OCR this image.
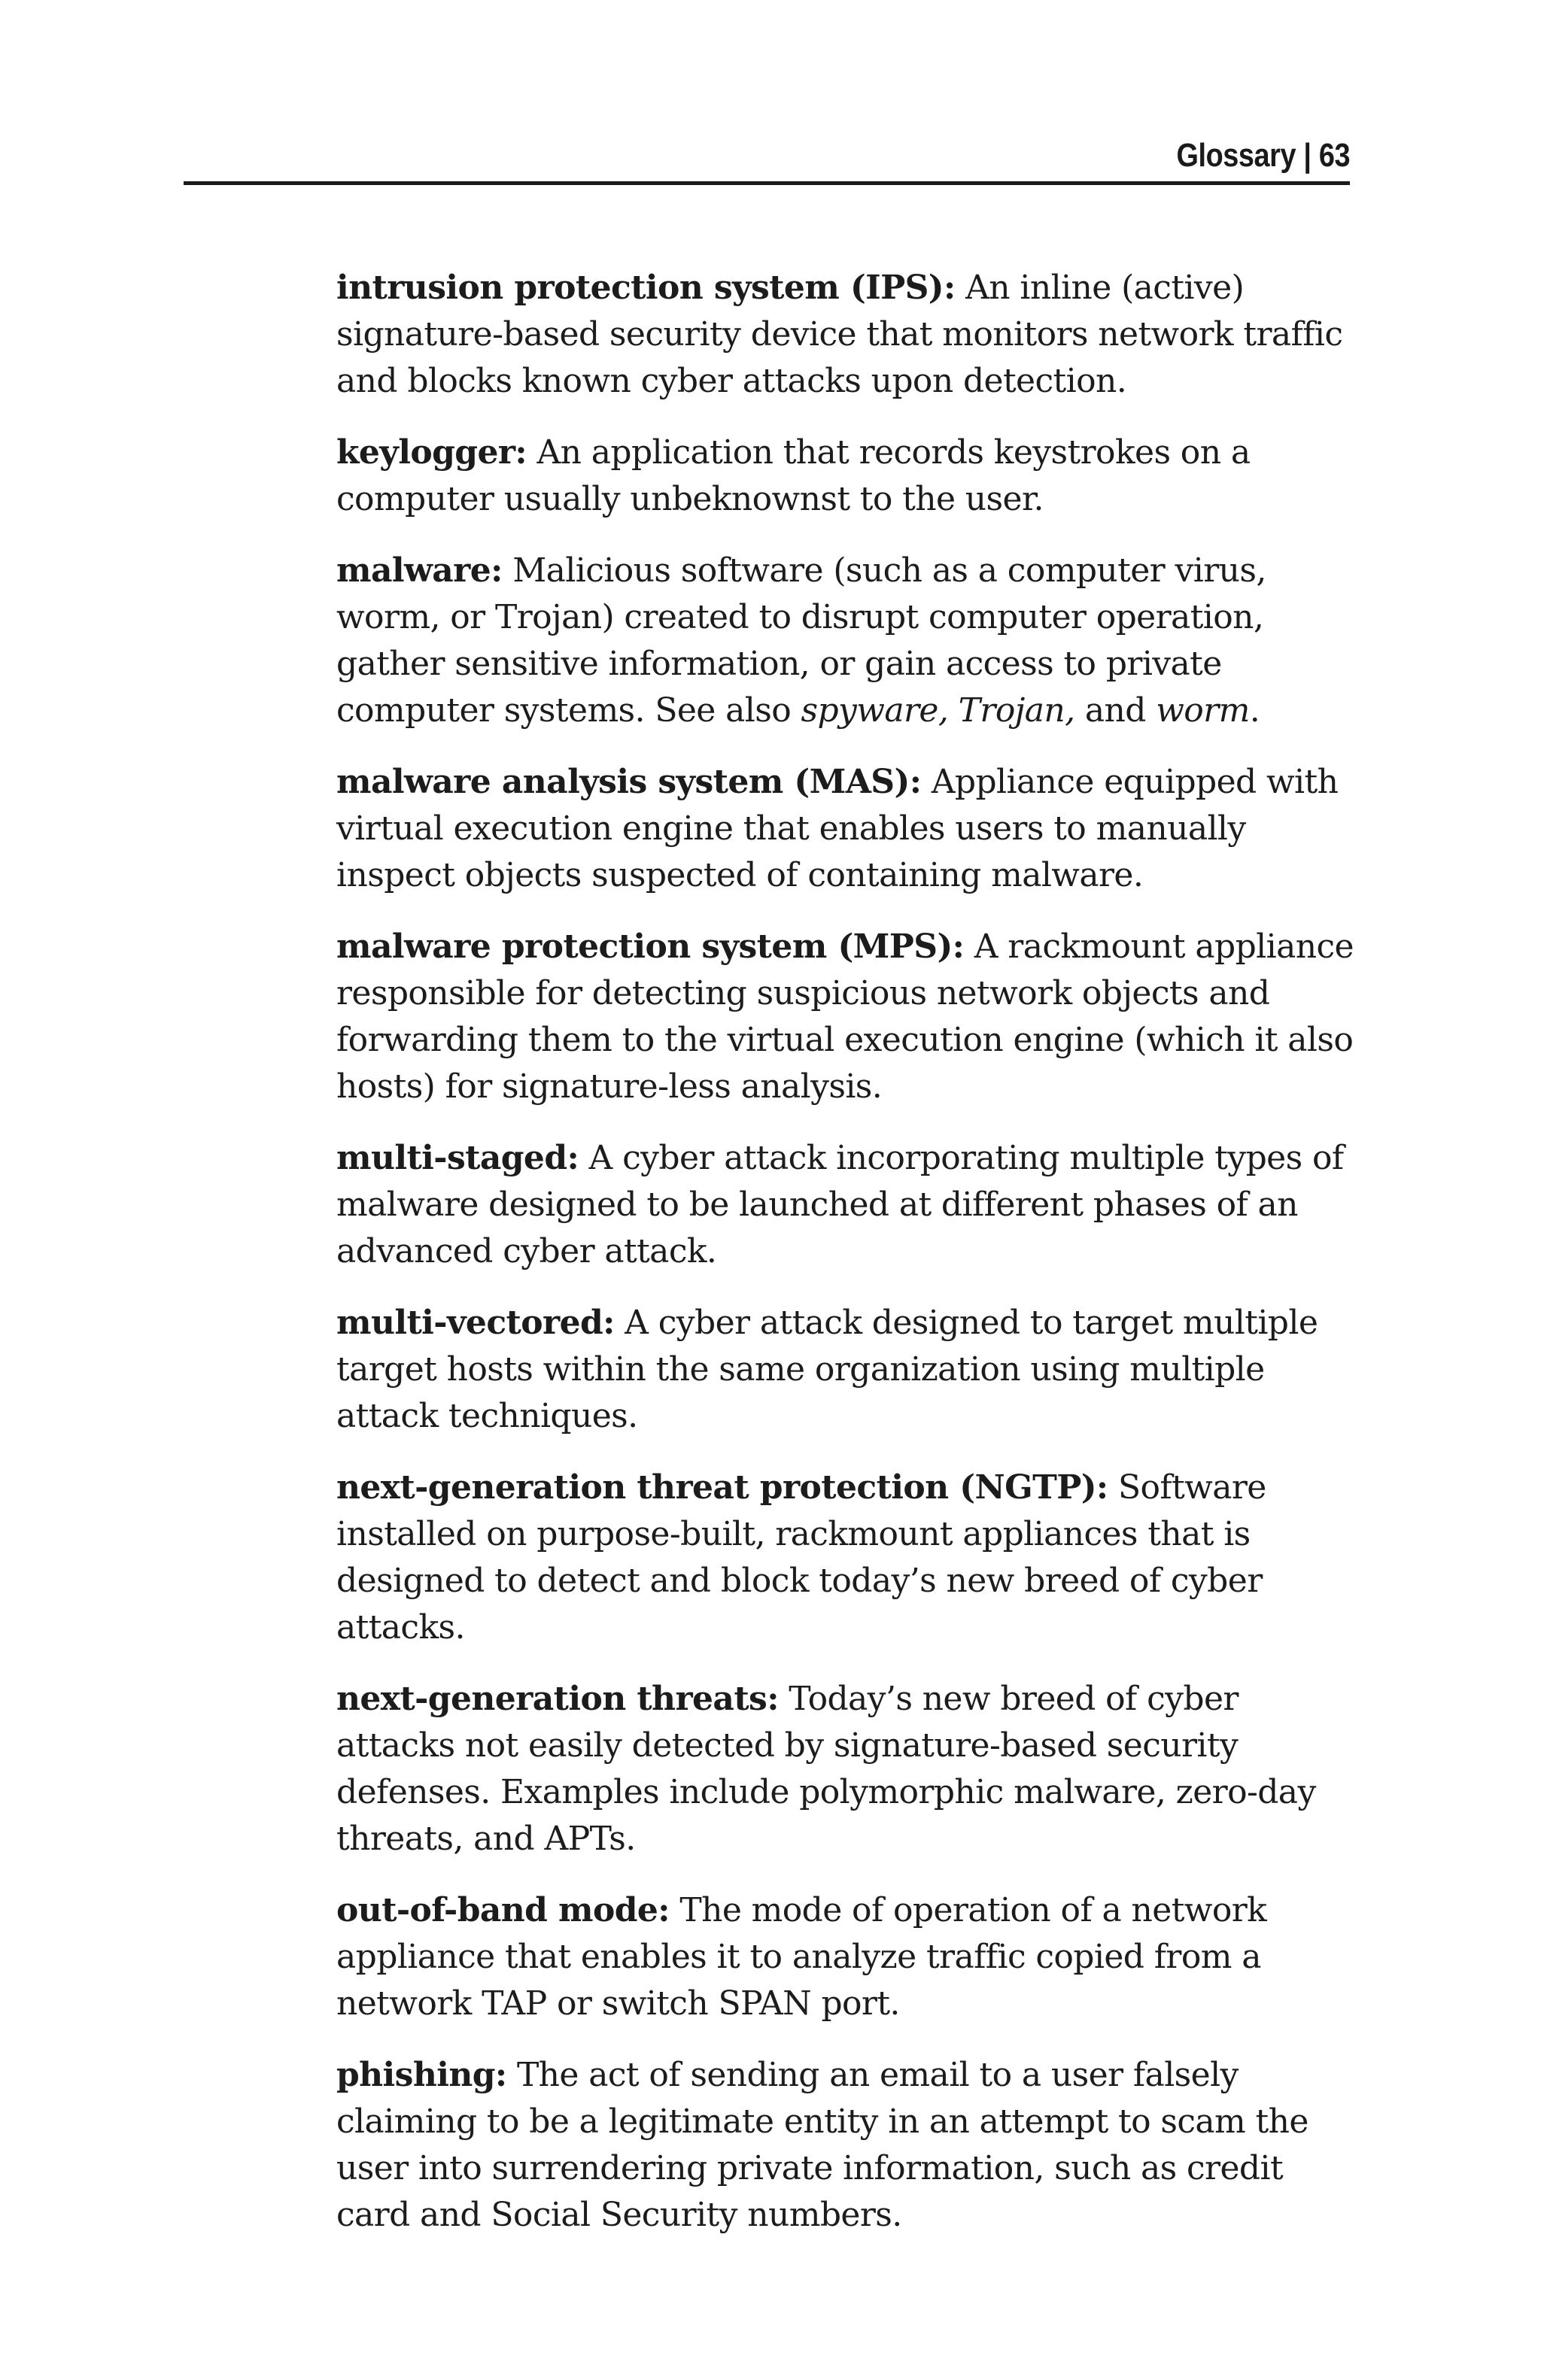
Glossary | 63

intrusion protection system (IPS): An inline (active) signature-based security device that monitors network traffic and blocks known cyber attacks upon detection.

keylogger: An application that records keystrokes on a computer usually unbeknownst to the user.

malware: Malicious software (such as a computer virus, worm, or Trojan) created to disrupt computer operation, gather sensitive information, or gain access to private computer systems. See also spyware, Trojan, and worm.

malware analysis system (MAS): Appliance equipped with virtual execution engine that enables users to manually inspect objects suspected of containing malware.

malware protection system (MPS): A rackmount appliance responsible for detecting suspicious network objects and forwarding them to the virtual execution engine (which it also hosts) for signature-less analysis.

multi-staged: A cyber attack incorporating multiple types of malware designed to be launched at different phases of an advanced cyber attack.

multi-vectored: A cyber attack designed to target multiple target hosts within the same organization using multiple attack techniques.

next-generation threat protection (NGTP): Software installed on purpose-built, rackmount appliances that is designed to detect and block today’s new breed of cyber attacks.

next-generation threats: Today’s new breed of cyber attacks not easily detected by signature-based security defenses. Examples include polymorphic malware, zero-day threats, and APTs.

out-of-band mode: The mode of operation of a network appliance that enables it to analyze traffic copied from a network TAP or switch SPAN port.

phishing: The act of sending an email to a user falsely claiming to be a legitimate entity in an attempt to scam the user into surrendering private information, such as credit card and Social Security numbers.
